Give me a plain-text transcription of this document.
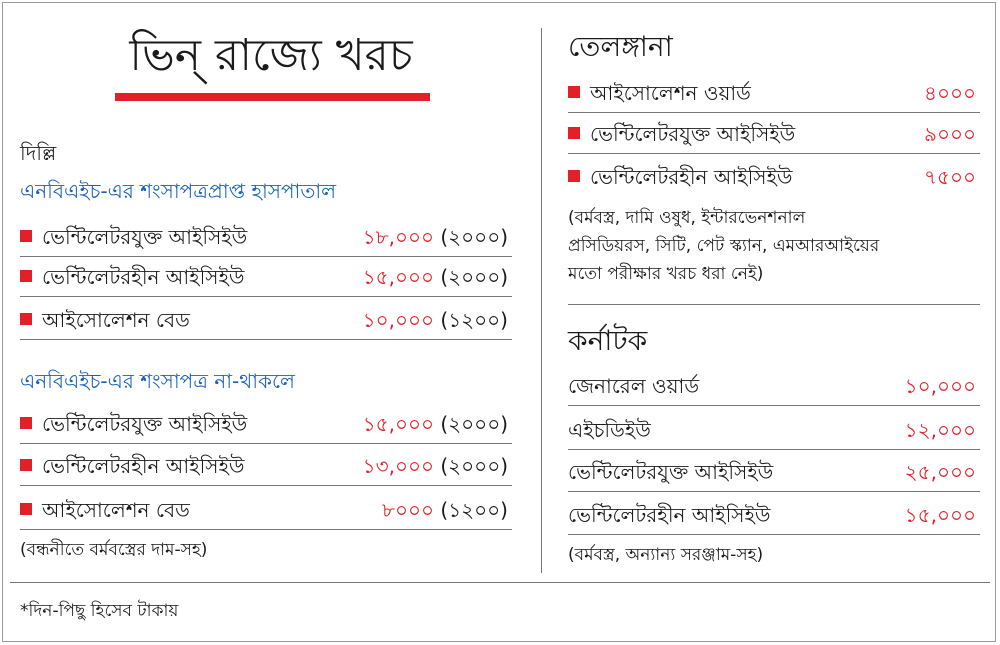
ভিন্‌ রাজ্যে খরচ
দিল্লি
এনবিএইচ-এর শংসাপত্রপ্রাপ্ত হাসপাতাল
ভেন্টিলেটরযুক্ত আইসিইউ	১৮,০০০ (২০০০)
ভেন্টিলেটরহীন আইসিইউ	১৫,০০০ (২০০০)
আইসোলেশন বেড	১০,০০০ (১২০০)
এনবিএইচ-এর শংসাপত্র না-থাকলে
ভেন্টিলেটরযুক্ত আইসিইউ	১৫,০০০ (২০০০)
ভেন্টিলেটরহীন আইসিইউ	১৩,০০০ (২০০০)
আইসোলেশন বেড	৮০০০ (১২০০)
(বন্ধনীতে বর্মবস্ত্রের দাম-সহ)
তেলঙ্গানা
আইসোলেশন ওয়ার্ড	৪০০০
ভেন্টিলেটরযুক্ত আইসিইউ	৯০০০
ভেন্টিলেটরহীন আইসিইউ	৭৫০০
(বর্মবস্ত্র, দামি ওষুধ, ইন্টারভেনশনাল
প্রসিডিয়রস, সিটি, পেট স্ক্যান, এমআরআইয়ের
মতো পরীক্ষার খরচ ধরা নেই)
কর্নাটক
জেনারেল ওয়ার্ড	১০,০০০
এইচডিইউ	১২,০০০
ভেন্টিলেটরযুক্ত আইসিইউ	২৫,০০০
ভেন্টিলেটরহীন আইসিইউ	১৫,০০০
(বর্মবস্ত্র, অন্যান্য সরঞ্জাম-সহ)
*দিন-পিছু হিসেব টাকায়
